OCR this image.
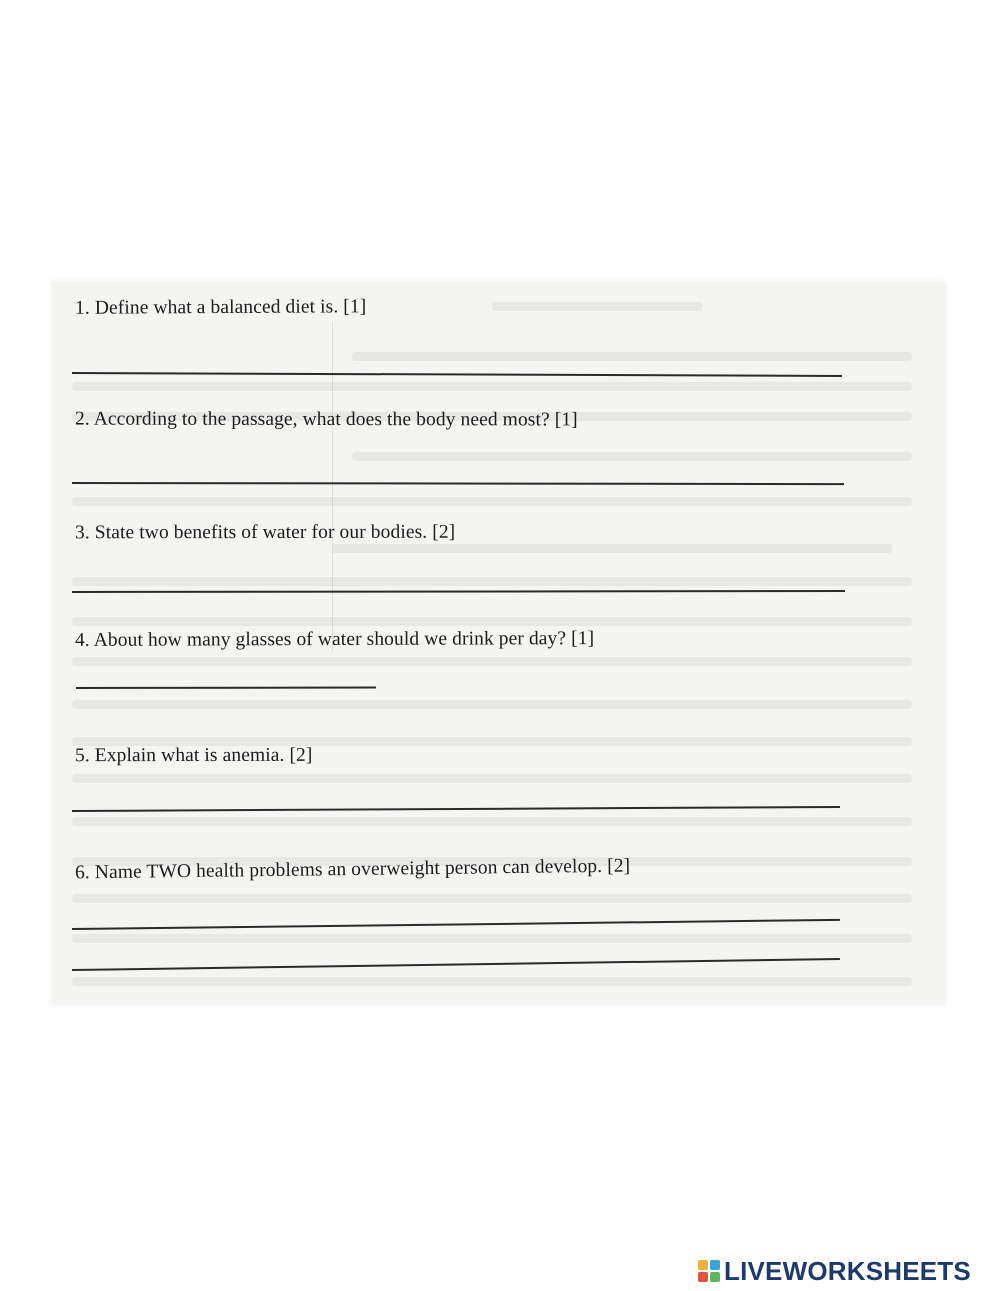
1. Define what a balanced diet is. [1]
2. According to the passage, what does the body need most? [1]
3. State two benefits of water for our bodies. [2]
4. About how many glasses of water should we drink per day? [1]
5. Explain what is anemia. [2]
6. Name TWO health problems an overweight person can develop. [2]
LIVEWORKSHEETS
